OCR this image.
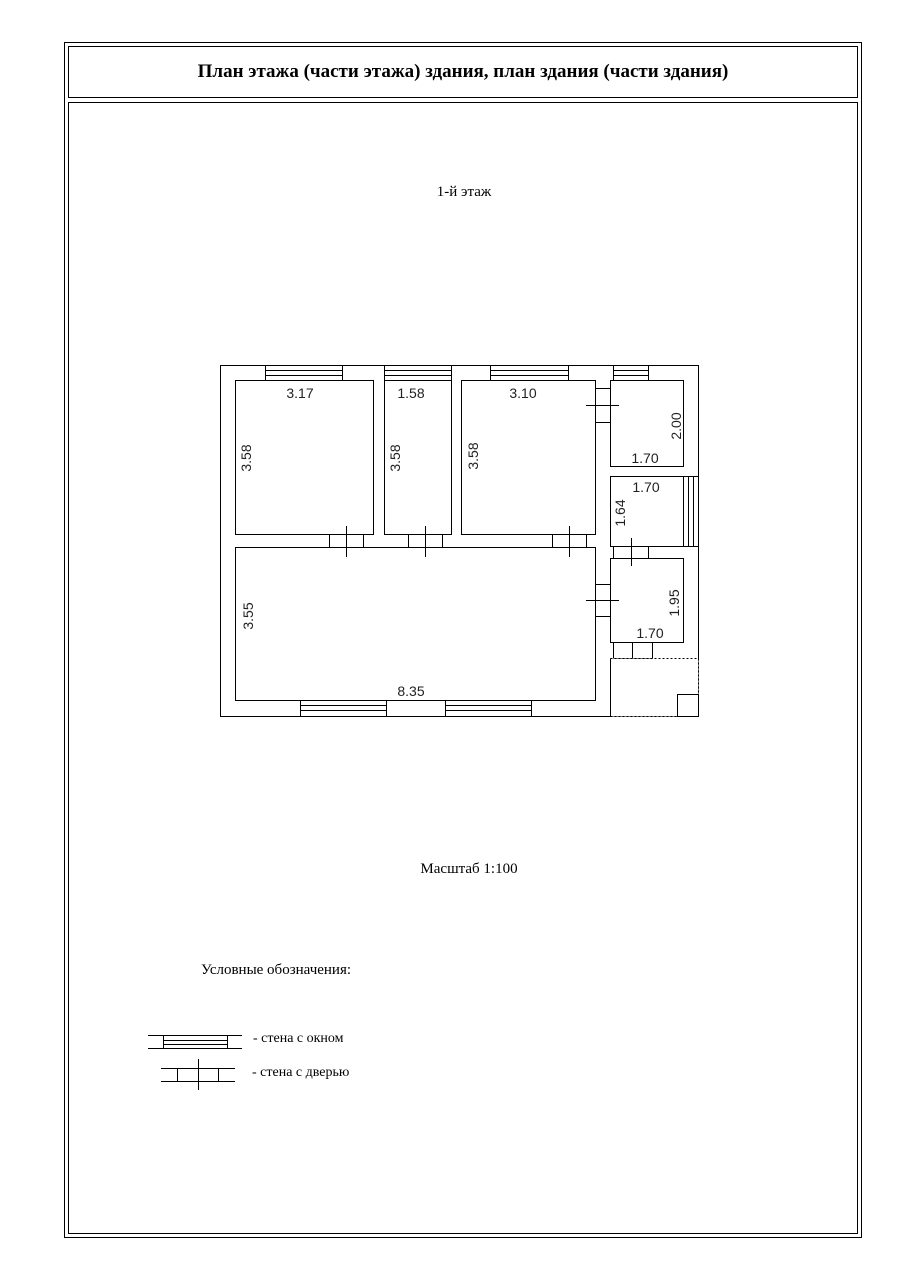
План этажа (части этажа) здания, план здания (части здания)
1-й этаж
3.17
3.58
1.58
3.58
3.10
3.58
2.00
1.70
1.70
1.64
1.95
1.70
3.55
8.35
Масштаб 1:100
Условные обозначения:
- стена с окном
- стена с дверью
